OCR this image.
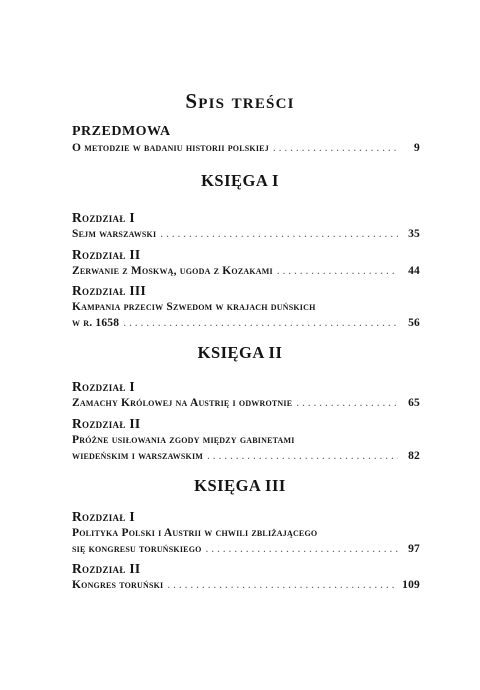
Spis treści
PRZEDMOWA
O metodzie w badaniu historii polskiej . . .	9
KSIĘGA I
Rozdział I
Sejm warszawski . . .	35
Rozdział II
Zerwanie z Moskwą, ugoda z Kozakami . . .	44
Rozdział III
Kampania przeciw Szwedom w krajach duńskich
w r. 1658 . . .	56
KSIĘGA II
Rozdział I
Zamachy Królowej na Austrię i odwrotnie . . .	65
Rozdział II
Próżne usiłowania zgody między gabinetami
wiedeńskim i warszawskim . . .	82
KSIĘGA III
Rozdział I
Polityka Polski i Austrii w chwili zbliżającego
się kongresu toruńskiego . . .	97
Rozdział II
Kongres toruński . . .	109
